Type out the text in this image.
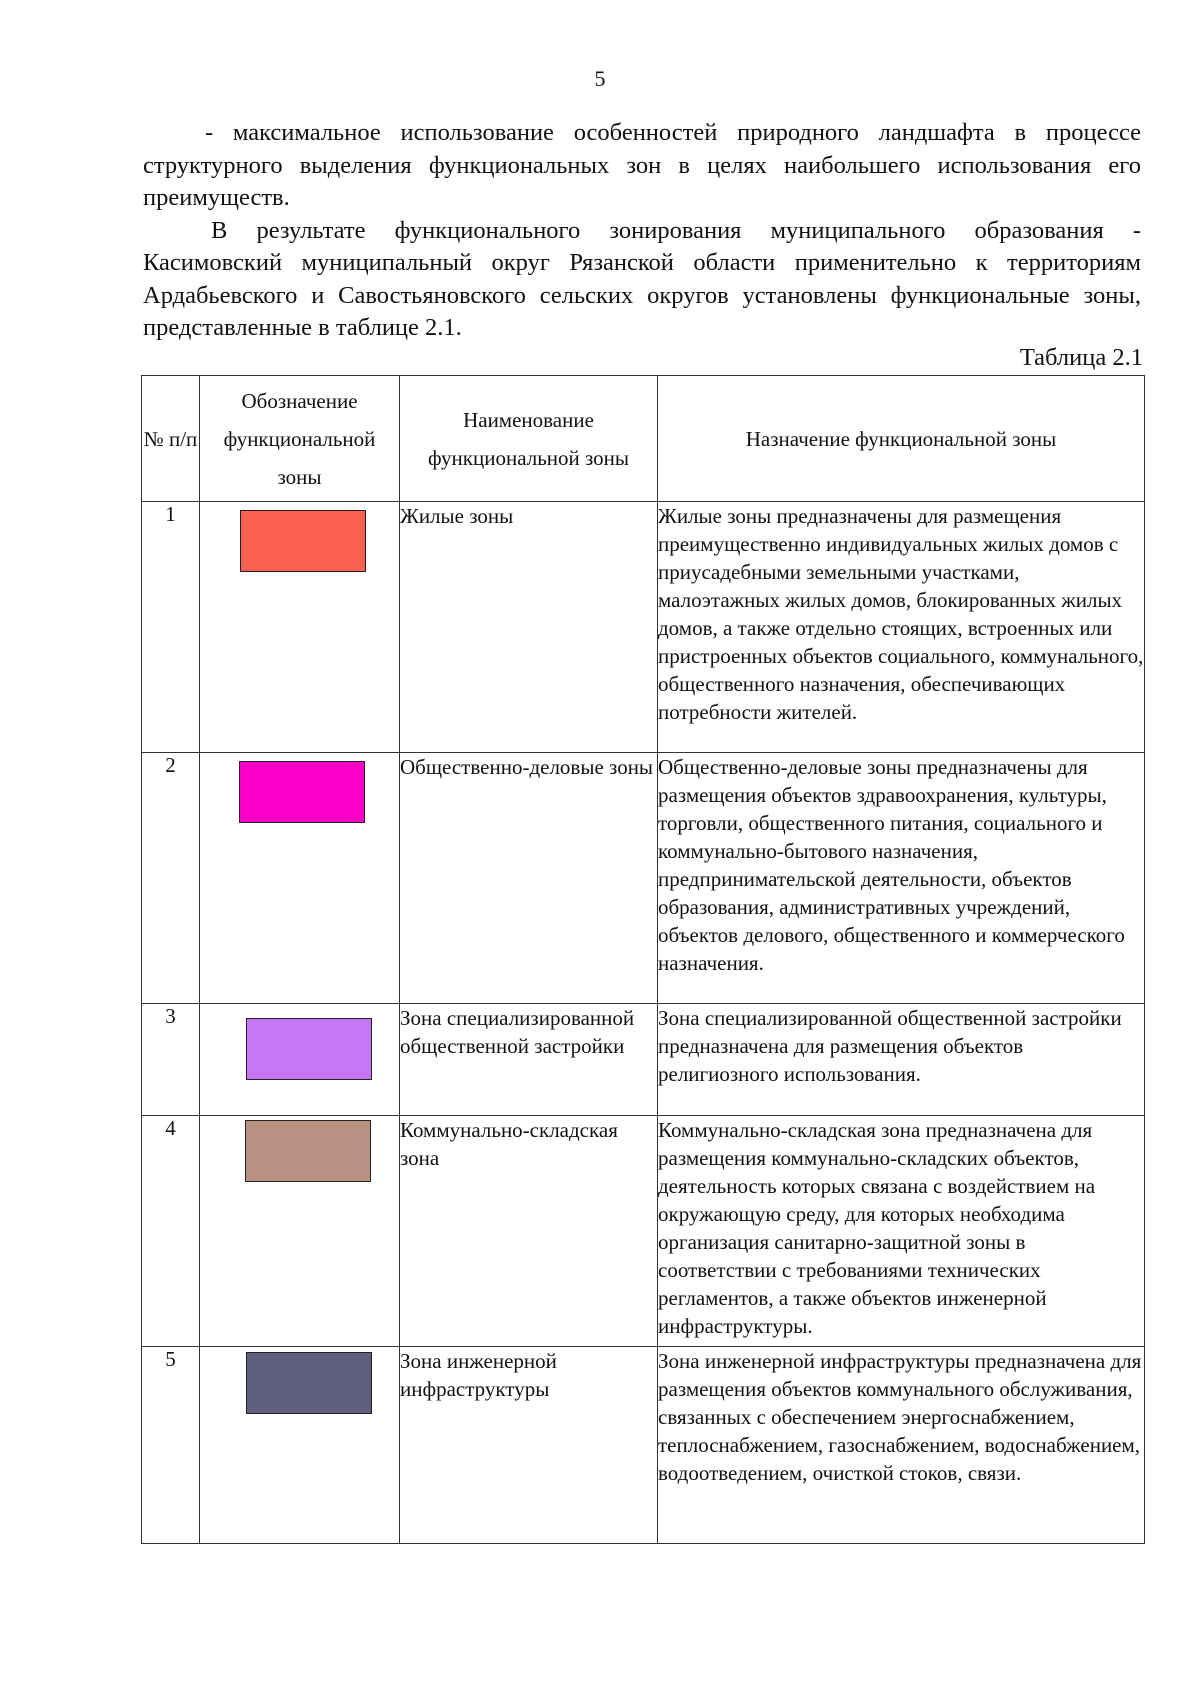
5

- максимальное использование особенностей природного ландшафта в процессе структурного выделения функциональных зон в целях наибольшего использования его преимуществ.

В результате функционального зонирования муниципального образования - Касимовский муниципальный округ Рязанской области применительно к территориям Ардабьевского и Савостьяновского сельских округов установлены функциональные зоны, представленные в таблице 2.1.

Таблица 2.1
№ п/п	Обозначение функциональной зоны	Наименование функциональной зоны	Назначение функциональной зоны
1		Жилые зоны	Жилые зоны предназначены для размещения преимущественно индивидуальных жилых домов с приусадебными земельными участками, малоэтажных жилых домов, блокированных жилых домов, а также отдельно стоящих, встроенных или пристроенных объектов социального, коммунального, общественного назначения, обеспечивающих потребности жителей.
2		Общественно-деловые зоны	Общественно-деловые зоны предназначены для размещения объектов здравоохранения, культуры, торговли, общественного питания, социального и коммунально-бытового назначения, предпринимательской деятельности, объектов образования, административных учреждений, объектов делового, общественного и коммерческого назначения.
3		Зона специализированной общественной застройки	Зона специализированной общественной застройки предназначена для размещения объектов религиозного использования.
4		Коммунально-складская зона	Коммунально-складская зона предназначена для размещения коммунально-складских объектов, деятельность которых связана с воздействием на окружающую среду, для которых необходима организация санитарно-защитной зоны в соответствии с требованиями технических регламентов, а также объектов инженерной инфраструктуры.
5		Зона инженерной инфраструктуры	Зона инженерной инфраструктуры предназначена для размещения объектов коммунального обслуживания, связанных с обеспечением энергоснабжением, теплоснабжением, газоснабжением, водоснабжением, водоотведением, очисткой стоков, связи.
